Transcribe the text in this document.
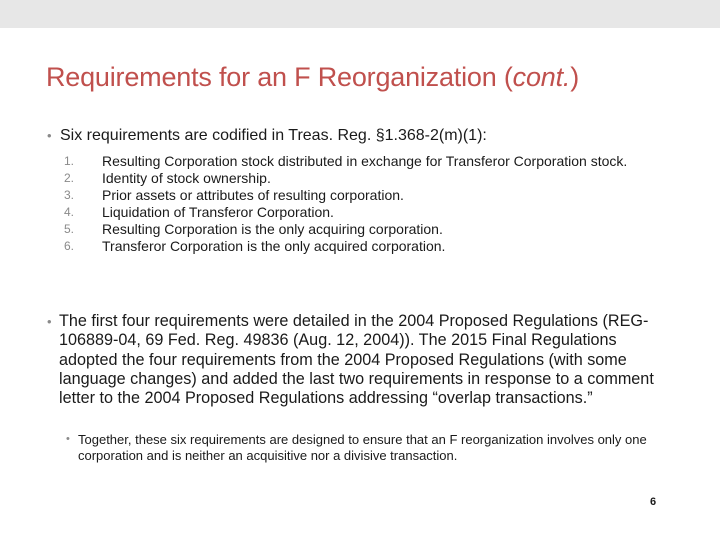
Requirements for an F Reorganization (cont.)
• Six requirements are codified in Treas. Reg. §1.368-2(m)(1):
1. Resulting Corporation stock distributed in exchange for Transferor Corporation stock.
2. Identity of stock ownership.
3. Prior assets or attributes of resulting corporation.
4. Liquidation of Transferor Corporation.
5. Resulting Corporation is the only acquiring corporation.
6. Transferor Corporation is the only acquired corporation.
• The first four requirements were detailed in the 2004 Proposed Regulations (REG-106889-04, 69 Fed. Reg. 49836 (Aug. 12, 2004)). The 2015 Final Regulations adopted the four requirements from the 2004 Proposed Regulations (with some language changes) and added the last two requirements in response to a comment letter to the 2004 Proposed Regulations addressing “overlap transactions.”
• Together, these six requirements are designed to ensure that an F reorganization involves only one corporation and is neither an acquisitive nor a divisive transaction.
6
